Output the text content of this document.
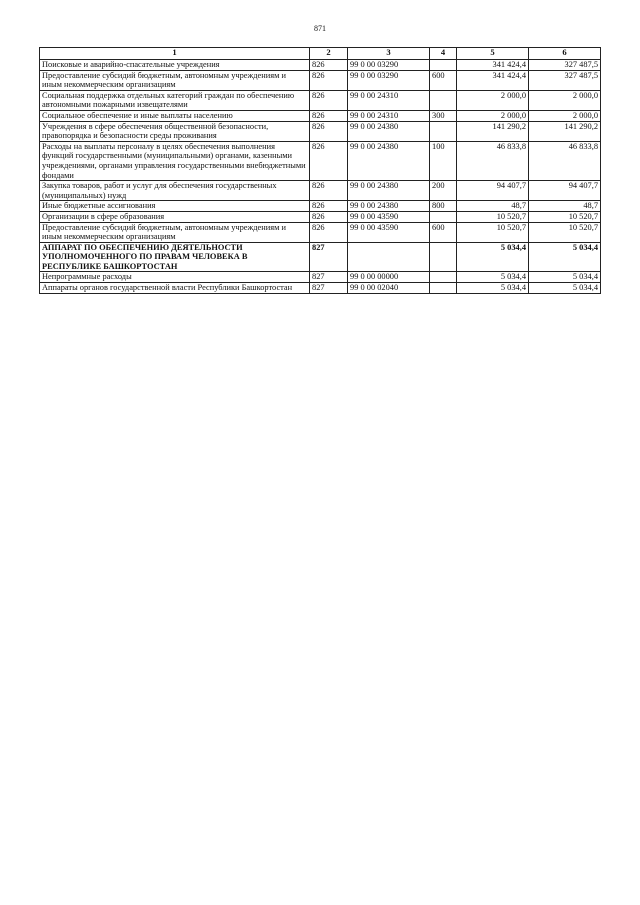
871
1	2	3	4	5	6
Поисковые и аварийно-спасательные учреждения	826	99 0 00 03290		341 424,4	327 487,5
Предоставление субсидий бюджетным, автономным учреждениям и иным некоммерческим организациям	826	99 0 00 03290	600	341 424,4	327 487,5
Социальная поддержка отдельных категорий граждан по обеспечению автономными пожарными извещателями	826	99 0 00 24310		2 000,0	2 000,0
Социальное обеспечение и иные выплаты населению	826	99 0 00 24310	300	2 000,0	2 000,0
Учреждения в сфере обеспечения общественной безопасности, правопорядка и безопасности среды проживания	826	99 0 00 24380		141 290,2	141 290,2
Расходы на выплаты персоналу в целях обеспечения выполнения функций государственными (муниципальными) органами, казенными учреждениями, органами управления государственными внебюджетными фондами	826	99 0 00 24380	100	46 833,8	46 833,8
Закупка товаров, работ и услуг для обеспечения государственных (муниципальных) нужд	826	99 0 00 24380	200	94 407,7	94 407,7
Иные бюджетные ассигнования	826	99 0 00 24380	800	48,7	48,7
Организации в сфере образования	826	99 0 00 43590		10 520,7	10 520,7
Предоставление субсидий бюджетным, автономным учреждениям и иным некоммерческим организациям	826	99 0 00 43590	600	10 520,7	10 520,7
АППАРАТ ПО ОБЕСПЕЧЕНИЮ ДЕЯТЕЛЬНОСТИ УПОЛНОМОЧЕННОГО ПО ПРАВАМ ЧЕЛОВЕКА В РЕСПУБЛИКЕ БАШКОРТОСТАН	827			5 034,4	5 034,4
Непрограммные расходы	827	99 0 00 00000		5 034,4	5 034,4
Аппараты органов государственной власти Республики Башкортостан	827	99 0 00 02040		5 034,4	5 034,4
